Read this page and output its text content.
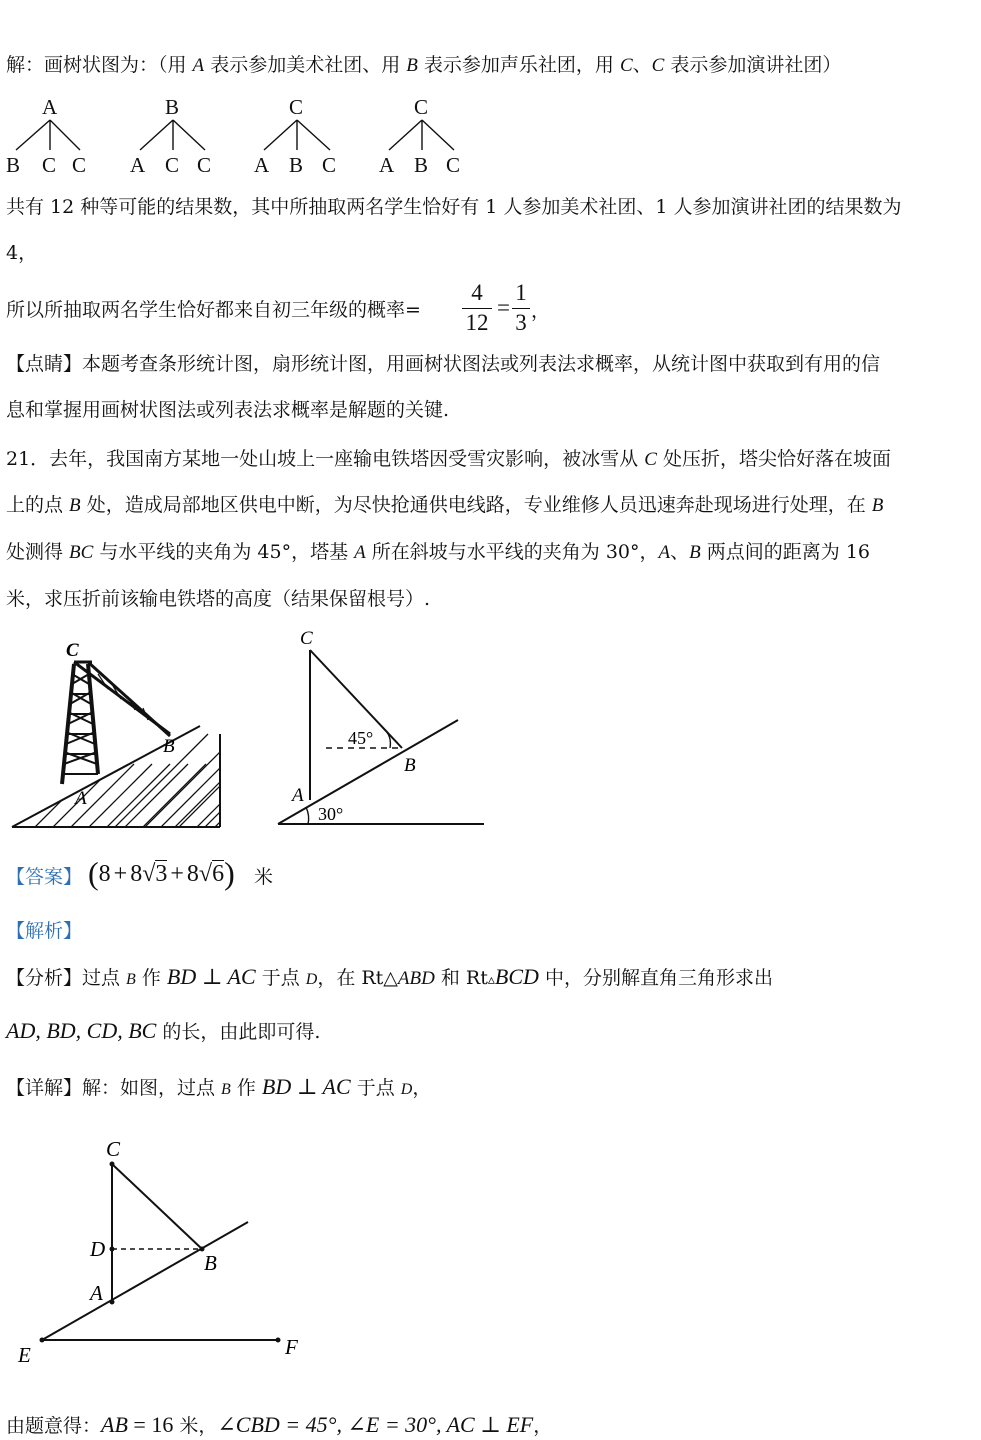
解：画树状图为：（用 A 表示参加美术社团、用 B 表示参加声乐社团，用 C、C 表示参加演讲社团）
A
B C C
B
A C C
C
A B C
C
A B C
共有 12 种等可能的结果数，其中所抽取两名学生恰好有 1 人参加美术社团、1 人参加演讲社团的结果数为
4，
所以所抽取两名学生恰好都来自初三年级的概率=
4
12
=
1
3 ，
【点睛】本题考查条形统计图，扇形统计图，用画树状图法或列表法求概率，从统计图中获取到有用的信
息和掌握用画树状图法或列表法求概率是解题的关键.
21．去年，我国南方某地一处山坡上一座输电铁塔因受雪灾影响，被冰雪从 C 处压折，塔尖恰好落在坡面
上的点 B 处，造成局部地区供电中断，为尽快抢通供电线路，专业维修人员迅速奔赴现场进行处理，在 B
处测得 BC 与水平线的夹角为 45°，塔基 A 所在斜坡与水平线的夹角为 30°，A、B 两点间的距离为 16
米，求压折前该输电铁塔的高度（结果保留根号）.
C
B
A
C
45°
B
A
30°
【答案】 (8 + 8√3 + 8√6) 米
【解析】
【分析】过点 B 作 BD ⊥ AC 于点 D，在 Rt△ABD 和 Rt▵BCD 中，分别解直角三角形求出
AD, BD, CD, BC 的长，由此即可得.
【详解】解：如图，过点 B 作 BD ⊥ AC 于点 D，
C
D
B
A
E	F
由题意得：AB = 16 米，∠CBD = 45°, ∠E = 30°, AC ⊥ EF，
